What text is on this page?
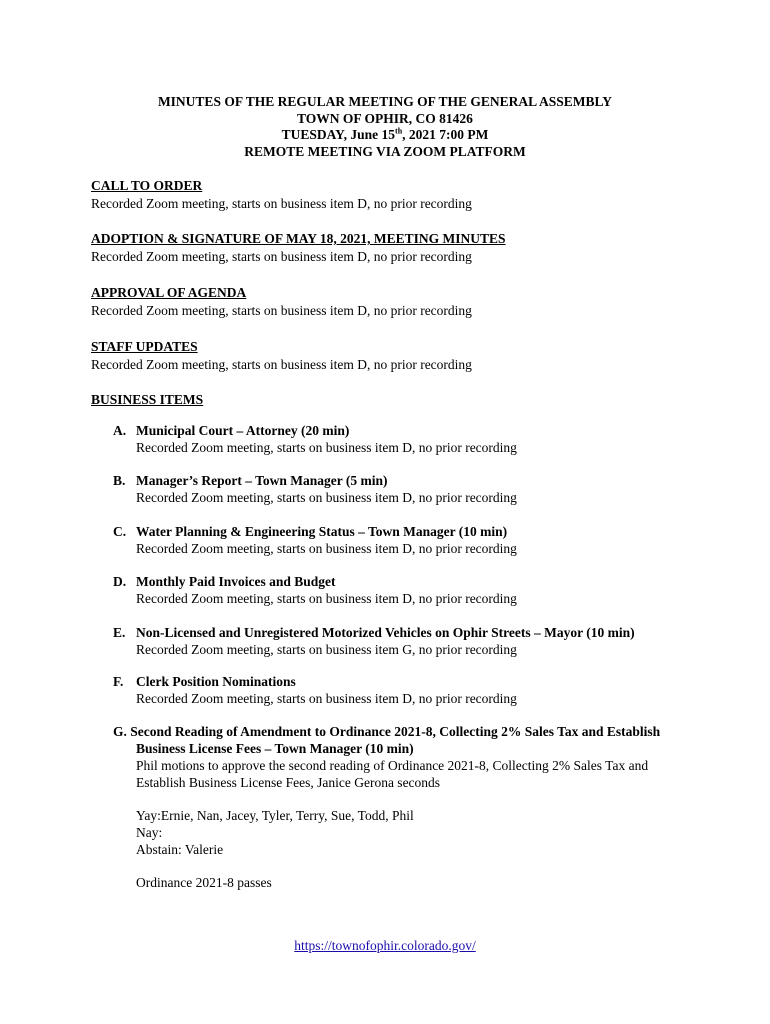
MINUTES OF THE REGULAR MEETING OF THE GENERAL ASSEMBLY
TOWN OF OPHIR, CO 81426
TUESDAY, June 15th, 2021 7:00 PM
REMOTE MEETING VIA ZOOM PLATFORM
CALL TO ORDER
Recorded Zoom meeting, starts on business item D, no prior recording
ADOPTION & SIGNATURE OF MAY 18, 2021, MEETING MINUTES
Recorded Zoom meeting, starts on business item D, no prior recording
APPROVAL OF AGENDA
Recorded Zoom meeting, starts on business item D, no prior recording
STAFF UPDATES
Recorded Zoom meeting, starts on business item D, no prior recording
BUSINESS ITEMS
A. Municipal Court – Attorney (20 min)
Recorded Zoom meeting, starts on business item D, no prior recording
B. Manager’s Report – Town Manager (5 min)
Recorded Zoom meeting, starts on business item D, no prior recording
C. Water Planning & Engineering Status – Town Manager (10 min)
Recorded Zoom meeting, starts on business item D, no prior recording
D. Monthly Paid Invoices and Budget
Recorded Zoom meeting, starts on business item D, no prior recording
E. Non-Licensed and Unregistered Motorized Vehicles on Ophir Streets – Mayor (10 min)
Recorded Zoom meeting, starts on business item G, no prior recording
F. Clerk Position Nominations
Recorded Zoom meeting, starts on business item D, no prior recording
G. Second Reading of Amendment to Ordinance 2021-8, Collecting 2% Sales Tax and Establish
Business License Fees – Town Manager (10 min)
Phil motions to approve the second reading of Ordinance 2021-8, Collecting 2% Sales Tax and
Establish Business License Fees, Janice Gerona seconds
Yay:Ernie, Nan, Jacey, Tyler, Terry, Sue, Todd, Phil
Nay:
Abstain: Valerie
Ordinance 2021-8 passes
https://townofophir.colorado.gov/
